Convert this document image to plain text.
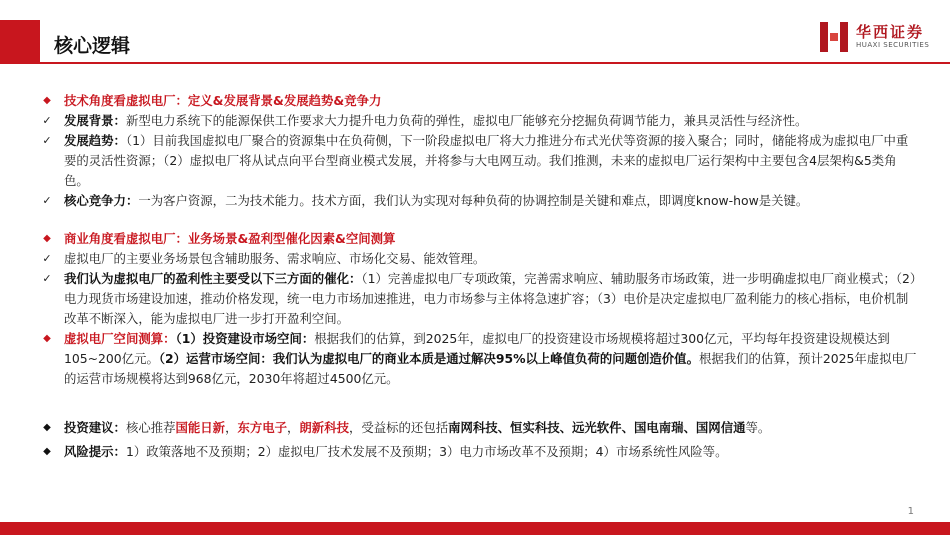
核心逻辑
华西证券
HUAXI SECURITIES
◆	技术角度看虚拟电厂：定义&发展背景&发展趋势&竞争力
✓ 发展背景：新型电力系统下的能源保供工作要求大力提升电力负荷的弹性，虚拟电厂能够充分挖掘负荷调节能力，兼具灵活性与经济性。
✓ 发展趋势：（1）目前我国虚拟电厂聚合的资源集中在负荷侧，下一阶段虚拟电厂将大力推进分布式光伏等资源的接入聚合；同时，储能将成为虚拟电厂中重要的灵活性资源；（2）虚拟电厂将从试点向平台型商业模式发展，并将参与大电网互动。我们推测，未来的虚拟电厂运行架构中主要包含4层架构&5类角色。
✓ 核心竞争力：一为客户资源，二为技术能力。技术方面，我们认为实现对每种负荷的协调控制是关键和难点，即调度know-how是关键。
◆	商业角度看虚拟电厂：业务场景&盈利型催化因素&空间测算
✓ 虚拟电厂的主要业务场景包含辅助服务、需求响应、市场化交易、能效管理。
✓ 我们认为虚拟电厂的盈利性主要受以下三方面的催化：（1）完善虚拟电厂专项政策，完善需求响应、辅助服务市场政策，进一步明确虚拟电厂商业模式；（2）电力现货市场建设加速，推动价格发现，统一电力市场加速推进，电力市场参与主体将急速扩容；（3）电价是决定虚拟电厂盈利能力的核心指标，电价机制改革不断深入，能为虚拟电厂进一步打开盈利空间。
◆	虚拟电厂空间测算：（1）投资建设市场空间：根据我们的估算，到2025年，虚拟电厂的投资建设市场规模将超过300亿元，平均每年投资建设规模达到105~200亿元。（2）运营市场空间：我们认为虚拟电厂的商业本质是通过解决95%以上峰值负荷的问题创造价值。根据我们的估算，预计2025年虚拟电厂的运营市场规模将达到968亿元，2030年将超过4500亿元。
◆	投资建议：核心推荐国能日新，东方电子，朗新科技，受益标的还包括南网科技、恒实科技、远光软件、国电南瑞、国网信通等。
◆	风险提示：1）政策落地不及预期；2）虚拟电厂技术发展不及预期；3）电力市场改革不及预期；4）市场系统性风险等。
1
